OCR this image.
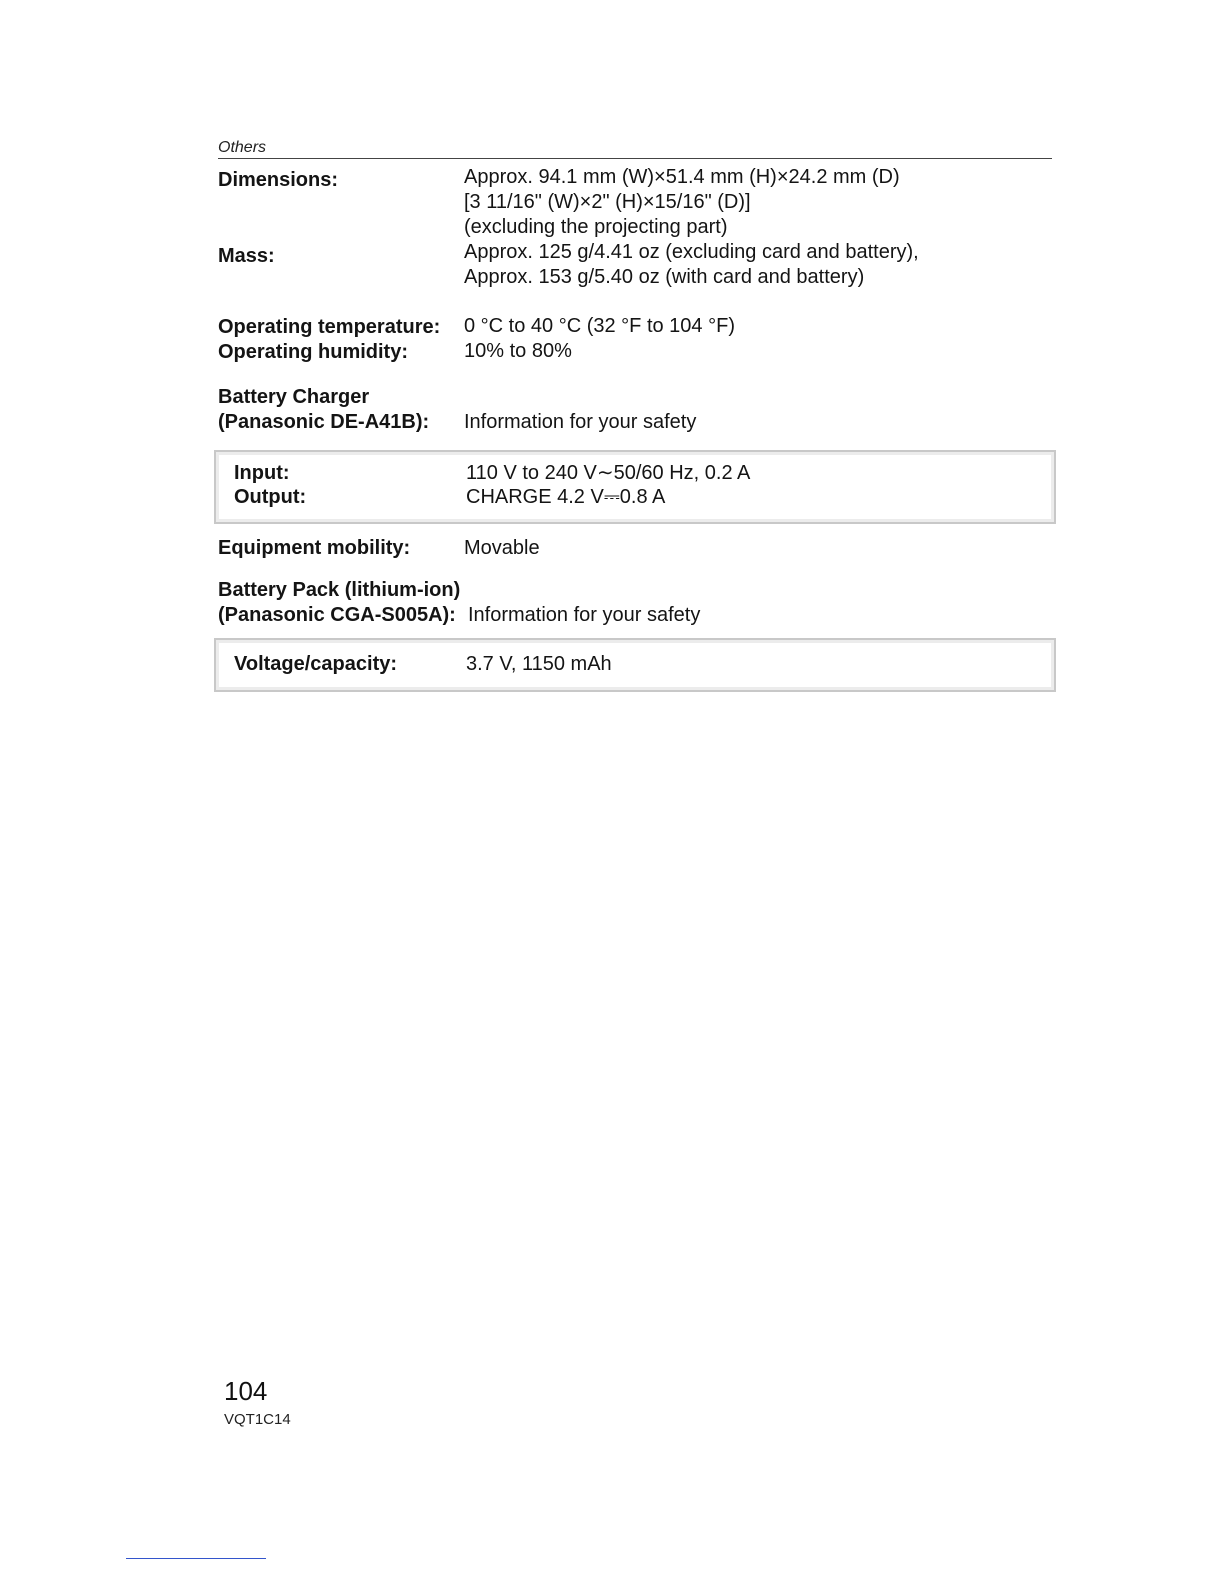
Others
Dimensions:	Approx. 94.1 mm (W)×51.4 mm (H)×24.2 mm (D)
[3 11/16" (W)×2" (H)×15/16" (D)]
(excluding the projecting part)
Mass:	Approx. 125 g/4.41 oz (excluding card and battery),
Approx. 153 g/5.40 oz (with card and battery)
Operating temperature: 0 °C to 40 °C (32 °F to 104 °F)
Operating humidity:	10% to 80%
Battery Charger
(Panasonic DE-A41B): Information for your safety
Input:	110 V to 240 V∼50/60 Hz, 0.2 A
Output:	CHARGE 4.2 V⎓0.8 A
Equipment mobility:	Movable
Battery Pack (lithium-ion)
(Panasonic CGA-S005A): Information for your safety
Voltage/capacity:	3.7 V, 1150 mAh
104
VQT1C14
